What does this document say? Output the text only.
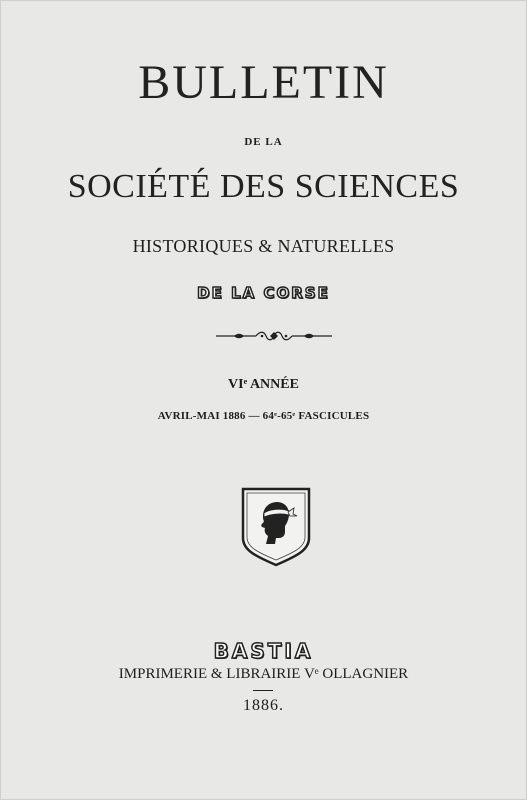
BULLETIN
DE LA
SOCIÉTÉ DES SCIENCES
HISTORIQUES & NATURELLES
DE LA CORSE
VIᵉ ANNÉE
AVRIL-MAI 1886 — 64ᵉ-65ᵉ FASCICULES
BASTIA
IMPRIMERIE & LIBRAIRIE Vᵉ OLLAGNIER
1886.
